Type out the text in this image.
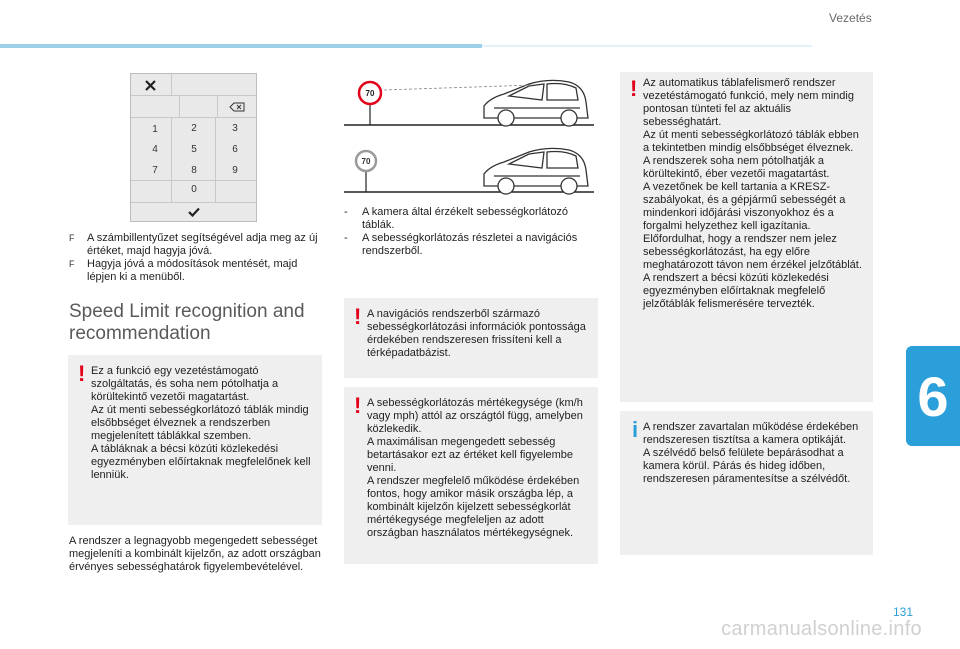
Vezetés
1	2	3
4	5	6
7	8	9
0
70
70
F A számbillentyűzet segítségével adja meg az új értéket, majd hagyja jóvá.
F Hagyja jóvá a módosítások mentését, majd lépjen ki a menüből.
Speed Limit recognition and recommendation
! Ez a funkció egy vezetéstámogató szolgáltatás, és soha nem pótolhatja a körültekintő vezetői magatartást.
Az út menti sebességkorlátozó táblák mindig elsőbbséget élveznek a rendszerben megjelenített táblákkal szemben.
A tábláknak a bécsi közúti közlekedési egyezményben előírtaknak megfelelőnek kell lenniük.
A rendszer a legnagyobb megengedett sebességet megjeleníti a kombinált kijelzőn, az adott országban érvényes sebességhatárok figyelembevételével.
- A kamera által érzékelt sebességkorlátozó táblák.
- A sebességkorlátozás részletei a navigációs rendszerből.
! A navigációs rendszerből származó sebességkorlátozási információk pontossága érdekében rendszeresen frissíteni kell a térképadatbázist.
! A sebességkorlátozás mértékegysége (km/h vagy mph) attól az országtól függ, amelyben közlekedik.
A maximálisan megengedett sebesség betartásakor ezt az értéket kell figyelembe venni.
A rendszer megfelelő működése érdekében fontos, hogy amikor másik országba lép, a kombinált kijelzőn kijelzett sebességkorlát mértékegysége megfeleljen az adott országban használatos mértékegységnek.
! Az automatikus táblafelismerő rendszer vezetéstámogató funkció, mely nem mindig pontosan tünteti fel az aktuális sebességhatárt.
Az út menti sebességkorlátozó táblák ebben a tekintetben mindig elsőbbséget élveznek.
A rendszerek soha nem pótolhatják a körültekintő, éber vezetői magatartást.
A vezetőnek be kell tartania a KRESZ-szabályokat, és a gépjármű sebességét a mindenkori időjárási viszonyokhoz és a forgalmi helyzethez kell igazítania.
Előfordulhat, hogy a rendszer nem jelez sebességkorlátozást, ha egy előre meghatározott távon nem érzékel jelzőtáblát.
A rendszert a bécsi közúti közlekedési egyezményben előírtaknak megfelelő jelzőtáblák felismerésére tervezték.
i A rendszer zavartalan működése érdekében rendszeresen tisztítsa a kamera optikáját.
A szélvédő belső felülete bepárásodhat a kamera körül. Párás és hideg időben, rendszeresen páramentesítse a szélvédőt.
6
131
carmanualsonline.info
